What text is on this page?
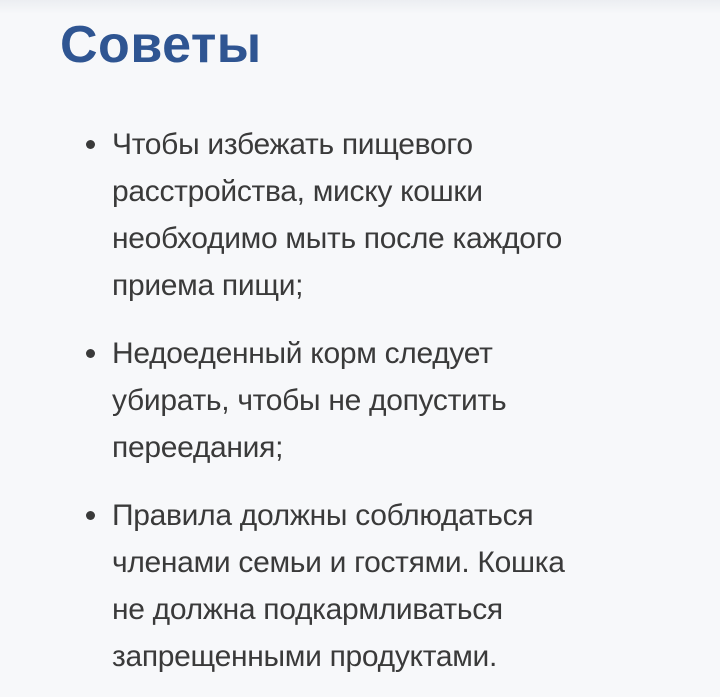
Советы
Чтобы избежать пищевого
расстройства, миску кошки
необходимо мыть после каждого
приема пищи;
Недоеденный корм следует
убирать, чтобы не допустить
переедания;
Правила должны соблюдаться
членами семьи и гостями. Кошка
не должна подкармливаться
запрещенными продуктами.
